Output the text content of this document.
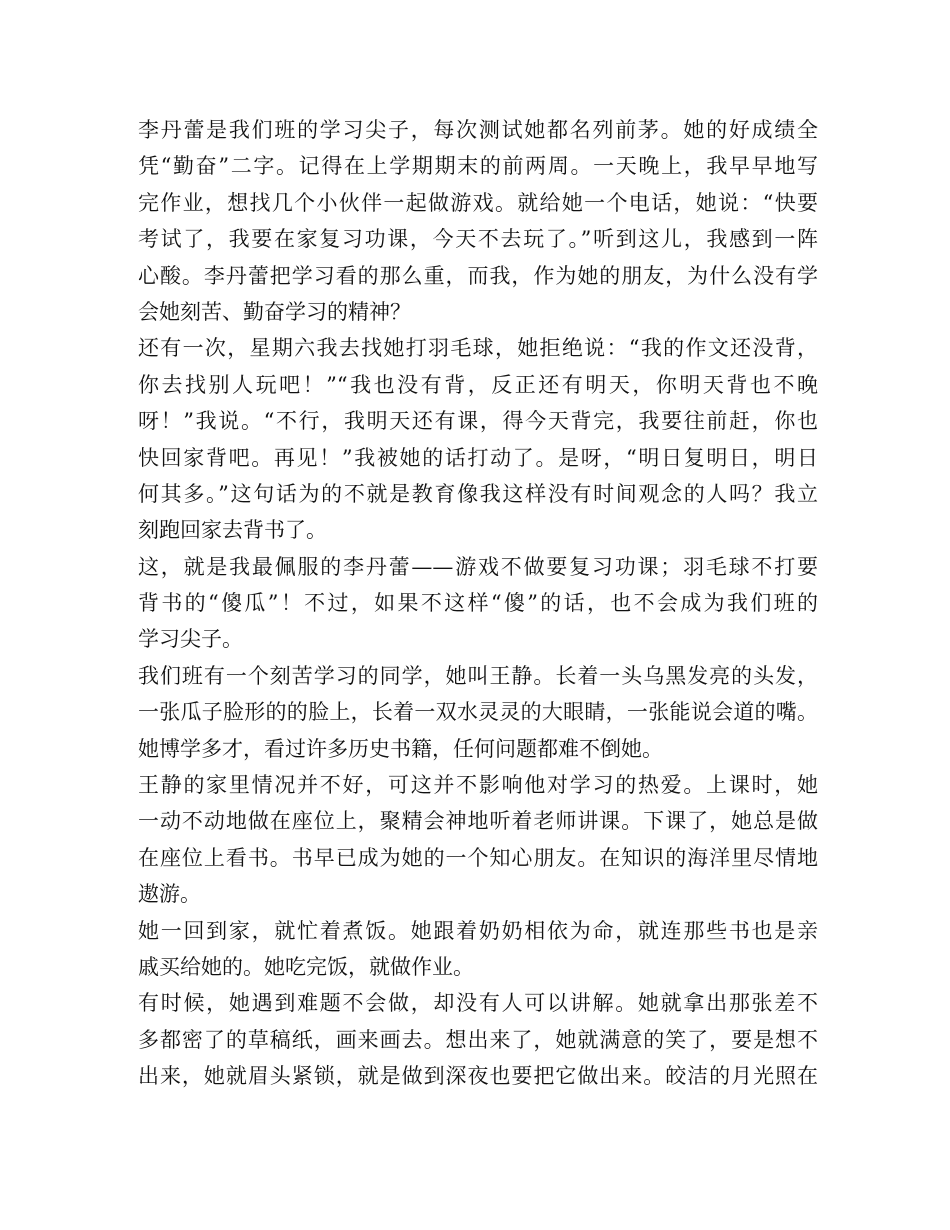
李丹蕾是我们班的学习尖子，每次测试她都名列前茅。她的好成绩全
凭“勤奋”二字。记得在上学期期末的前两周。一天晚上，我早早地写
完作业，想找几个小伙伴一起做游戏。就给她一个电话，她说：“快要
考试了，我要在家复习功课，今天不去玩了。”听到这儿，我感到一阵
心酸。李丹蕾把学习看的那么重，而我，作为她的朋友，为什么没有学
会她刻苦、勤奋学习的精神？
还有一次，星期六我去找她打羽毛球，她拒绝说：“我的作文还没背，
你去找别人玩吧！”“我也没有背，反正还有明天，你明天背也不晚
呀！”我说。“不行，我明天还有课，得今天背完，我要往前赶，你也
快回家背吧。再见！”我被她的话打动了。是呀，“明日复明日，明日
何其多。”这句话为的不就是教育像我这样没有时间观念的人吗？我立
刻跑回家去背书了。
这，就是我最佩服的李丹蕾——游戏不做要复习功课；羽毛球不打要
背书的“傻瓜”！不过，如果不这样“傻”的话，也不会成为我们班的
学习尖子。
我们班有一个刻苦学习的同学，她叫王静。长着一头乌黑发亮的头发，
一张瓜子脸形的的脸上，长着一双水灵灵的大眼睛，一张能说会道的嘴。
她博学多才，看过许多历史书籍，任何问题都难不倒她。
王静的家里情况并不好，可这并不影响他对学习的热爱。上课时，她
一动不动地做在座位上，聚精会神地听着老师讲课。下课了，她总是做
在座位上看书。书早已成为她的一个知心朋友。在知识的海洋里尽情地
遨游。
她一回到家，就忙着煮饭。她跟着奶奶相依为命，就连那些书也是亲
戚买给她的。她吃完饭，就做作业。
有时候，她遇到难题不会做，却没有人可以讲解。她就拿出那张差不
多都密了的草稿纸，画来画去。想出来了，她就满意的笑了，要是想不
出来，她就眉头紧锁，就是做到深夜也要把它做出来。皎洁的月光照在
